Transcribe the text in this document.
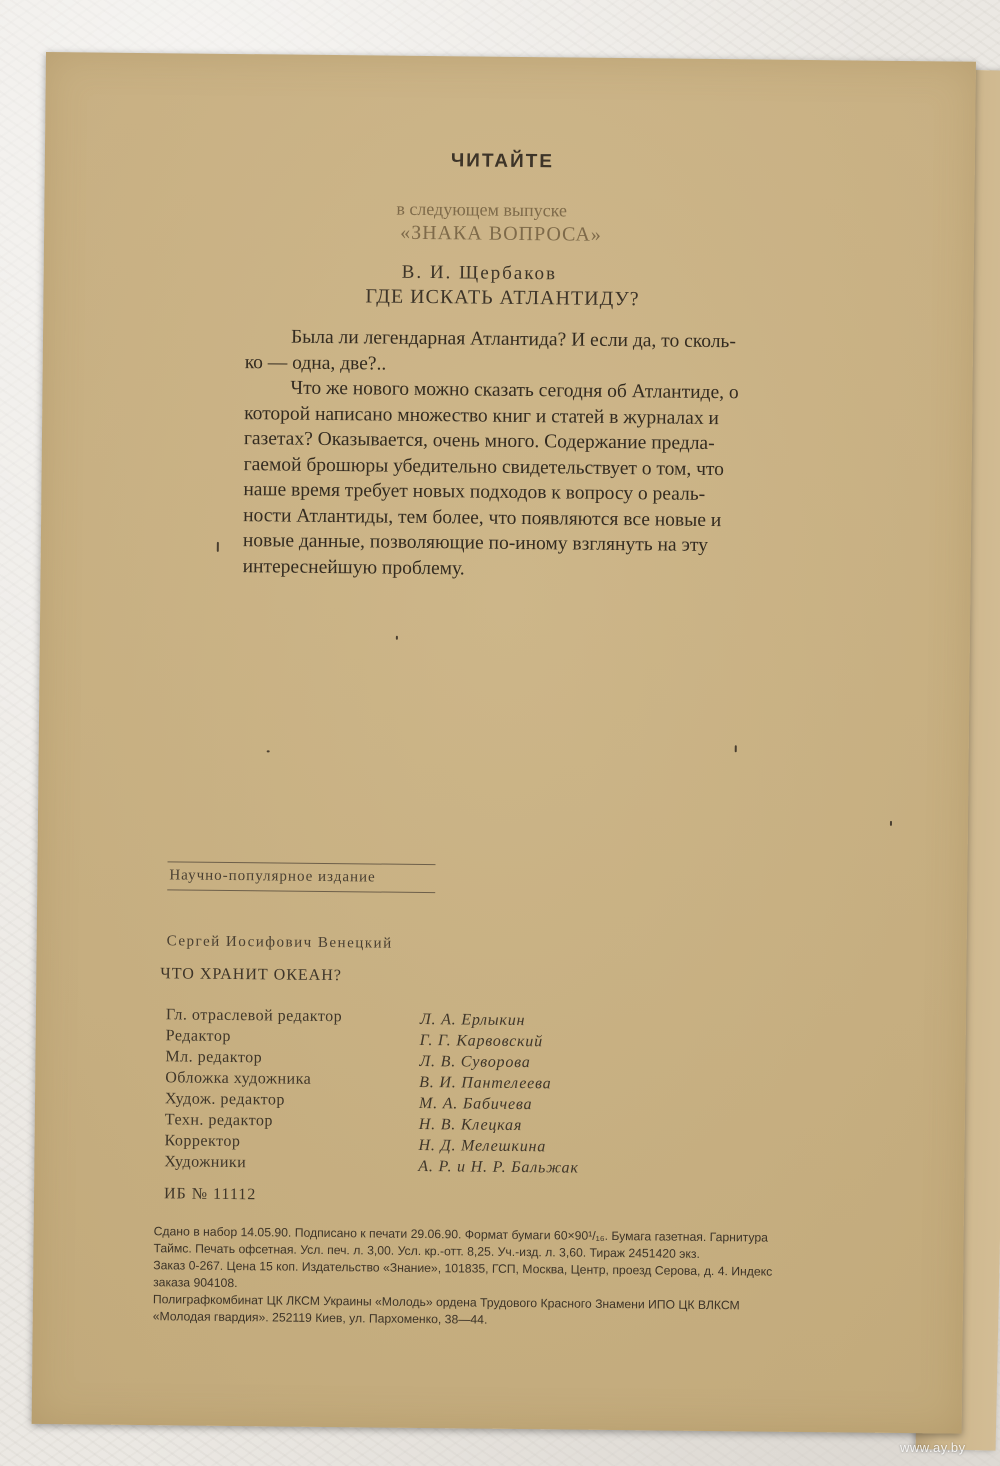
ЧИТАЙТЕ
в следующем выпуске
«ЗНАКА ВОПРОСА»
В. И. Щербаков
ГДЕ ИСКАТЬ АТЛАНТИДУ?

Была ли легендарная Атлантида? И если да, то сколь-
ко — одна, две?..

Что же нового можно сказать сегодня об Атлантиде, о
которой написано множество книг и статей в журналах и
газетах? Оказывается, очень много. Содержание предла-
гаемой брошюры убедительно свидетельствует о том, что
наше время требует новых подходов к вопросу о реаль-
ности Атлантиды, тем более, что появляются все новые и
новые данные, позволяющие по-иному взглянуть на эту
интереснейшую проблему.

Научно-популярное издание
Сергей Иосифович Венецкий
ЧТО ХРАНИТ ОКЕАН?
Гл. отраслевой редактор	Л. А. Ерлыкин
Редактор	Г. Г. Карвовский
Мл. редактор	Л. В. Суворова
Обложка художника	В. И. Пантелеева
Худож. редактор	М. А. Бабичева
Техн. редактор	Н. В. Клецкая
Корректор	Н. Д. Мелешкина
Художники	А. Р. и Н. Р. Бальжак
ИБ № 11112
Сдано в набор 14.05.90. Подписано к печати 29.06.90. Формат бумаги 60×90¹/₁₆. Бумага газетная. Гарнитура
Таймс. Печать офсетная. Усл. печ. л. 3,00. Усл. кр.-отт. 8,25. Уч.-изд. л. 3,60. Тираж 2451420 экз.
Заказ 0-267. Цена 15 коп. Издательство «Знание», 101835, ГСП, Москва, Центр, проезд Серова, д. 4. Индекс
заказа 904108.
Полиграфкомбинат ЦК ЛКСМ Украины «Молодь» ордена Трудового Красного Знамени ИПО ЦК ВЛКСМ
«Молодая гвардия». 252119 Киев, ул. Пархоменко, 38—44.
www.ay.by
